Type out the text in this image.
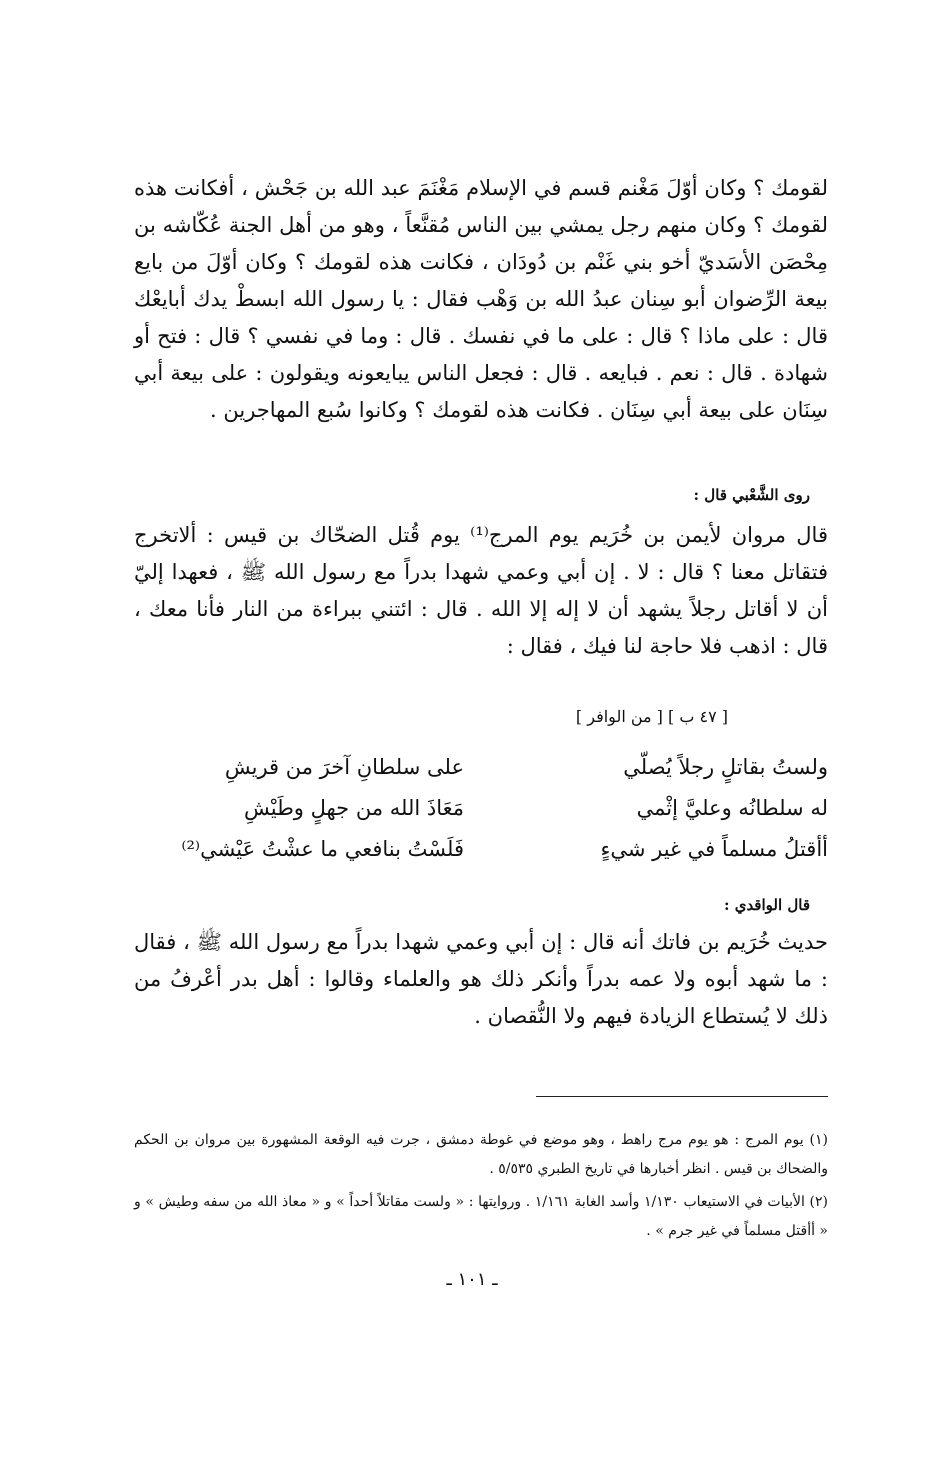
لقومك ؟ وكان أوّلَ مَغْنم قسم في الإسلام مَغْنَمَ عبد الله بن جَحْش ، أفكانت هذه لقومك ؟ وكان منهم رجل يمشي بين الناس مُقنَّعاً ، وهو من أهل الجنة عُكّاشه بن مِحْصَن الأسَديّ أخو بني غَنْم بن دُودَان ، فكانت هذه لقومك ؟ وكان أوّلَ من بايع بيعة الرِّضوان أبو سِنان عبدُ الله بن وَهْب فقال : يا رسول الله ابسطْ يدك أبايعْك قال : على ماذا ؟ قال : على ما في نفسك . قال : وما في نفسي ؟ قال : فتح أو شهادة . قال : نعم . فبايعه . قال : فجعل الناس يبايعونه ويقولون : على بيعة أبي سِنَان على بيعة أبي سِنَان . فكانت هذه لقومك ؟ وكانوا سُبع المهاجرين .

روى الشَّعْبي قال :

قال مروان لأيمن بن خُرَيم يوم المرج⁽¹⁾ يوم قُتل الضحّاك بن قيس : ألاتخرج فتقاتل معنا ؟ قال : لا . إن أبي وعمي شهدا بدراً مع رسول الله ﷺ ، فعهدا إليّ أن لا أقاتل رجلاً يشهد أن لا إله إلا الله . قال : ائتني ببراءة من النار فأنا معك ، قال : اذهب فلا حاجة لنا فيك ، فقال :

[ ٤٧ ب ] [ من الوافر ]

ولستُ بقاتلٍ رجلاً يُصلّي
على سلطانِ آخرَ من قريشِ
له سلطانُه وعليَّ إثْمي
مَعَاذَ الله من جهلٍ وطَيْشِ
أأقتلُ مسلماً في غير شيءٍ
فَلَسْتُ بنافعي ما عشْتُ عَيْشي⁽²⁾

قال الواقدي :

حديث خُرَيم بن فاتك أنه قال : إن أبي وعمي شهدا بدراً مع رسول الله ﷺ ، فقال : ما شهد أبوه ولا عمه بدراً وأنكر ذلك هو والعلماء وقالوا : أهل بدر أعْرفُ من ذلك لا يُستطاع الزيادة فيهم ولا النُّقصان .

(١) يوم المرج : هو يوم مرج راهط ، وهو موضع في غوطة دمشق ، جرت فيه الوقعة المشهورة بين مروان بن الحكم والضحاك بن قيس . انظر أخبارها في تاريخ الطبري ٥/٥٣٥ .

(٢) الأبيات في الاستيعاب ١/١٣٠ وأسد الغابة ١/١٦١ . وروايتها : « ولست مقاتلاً أحداً » و « معاذ الله من سفه وطيش » و « أأقتل مسلماً في غير جرم » .

ـ ١٠١ ـ
